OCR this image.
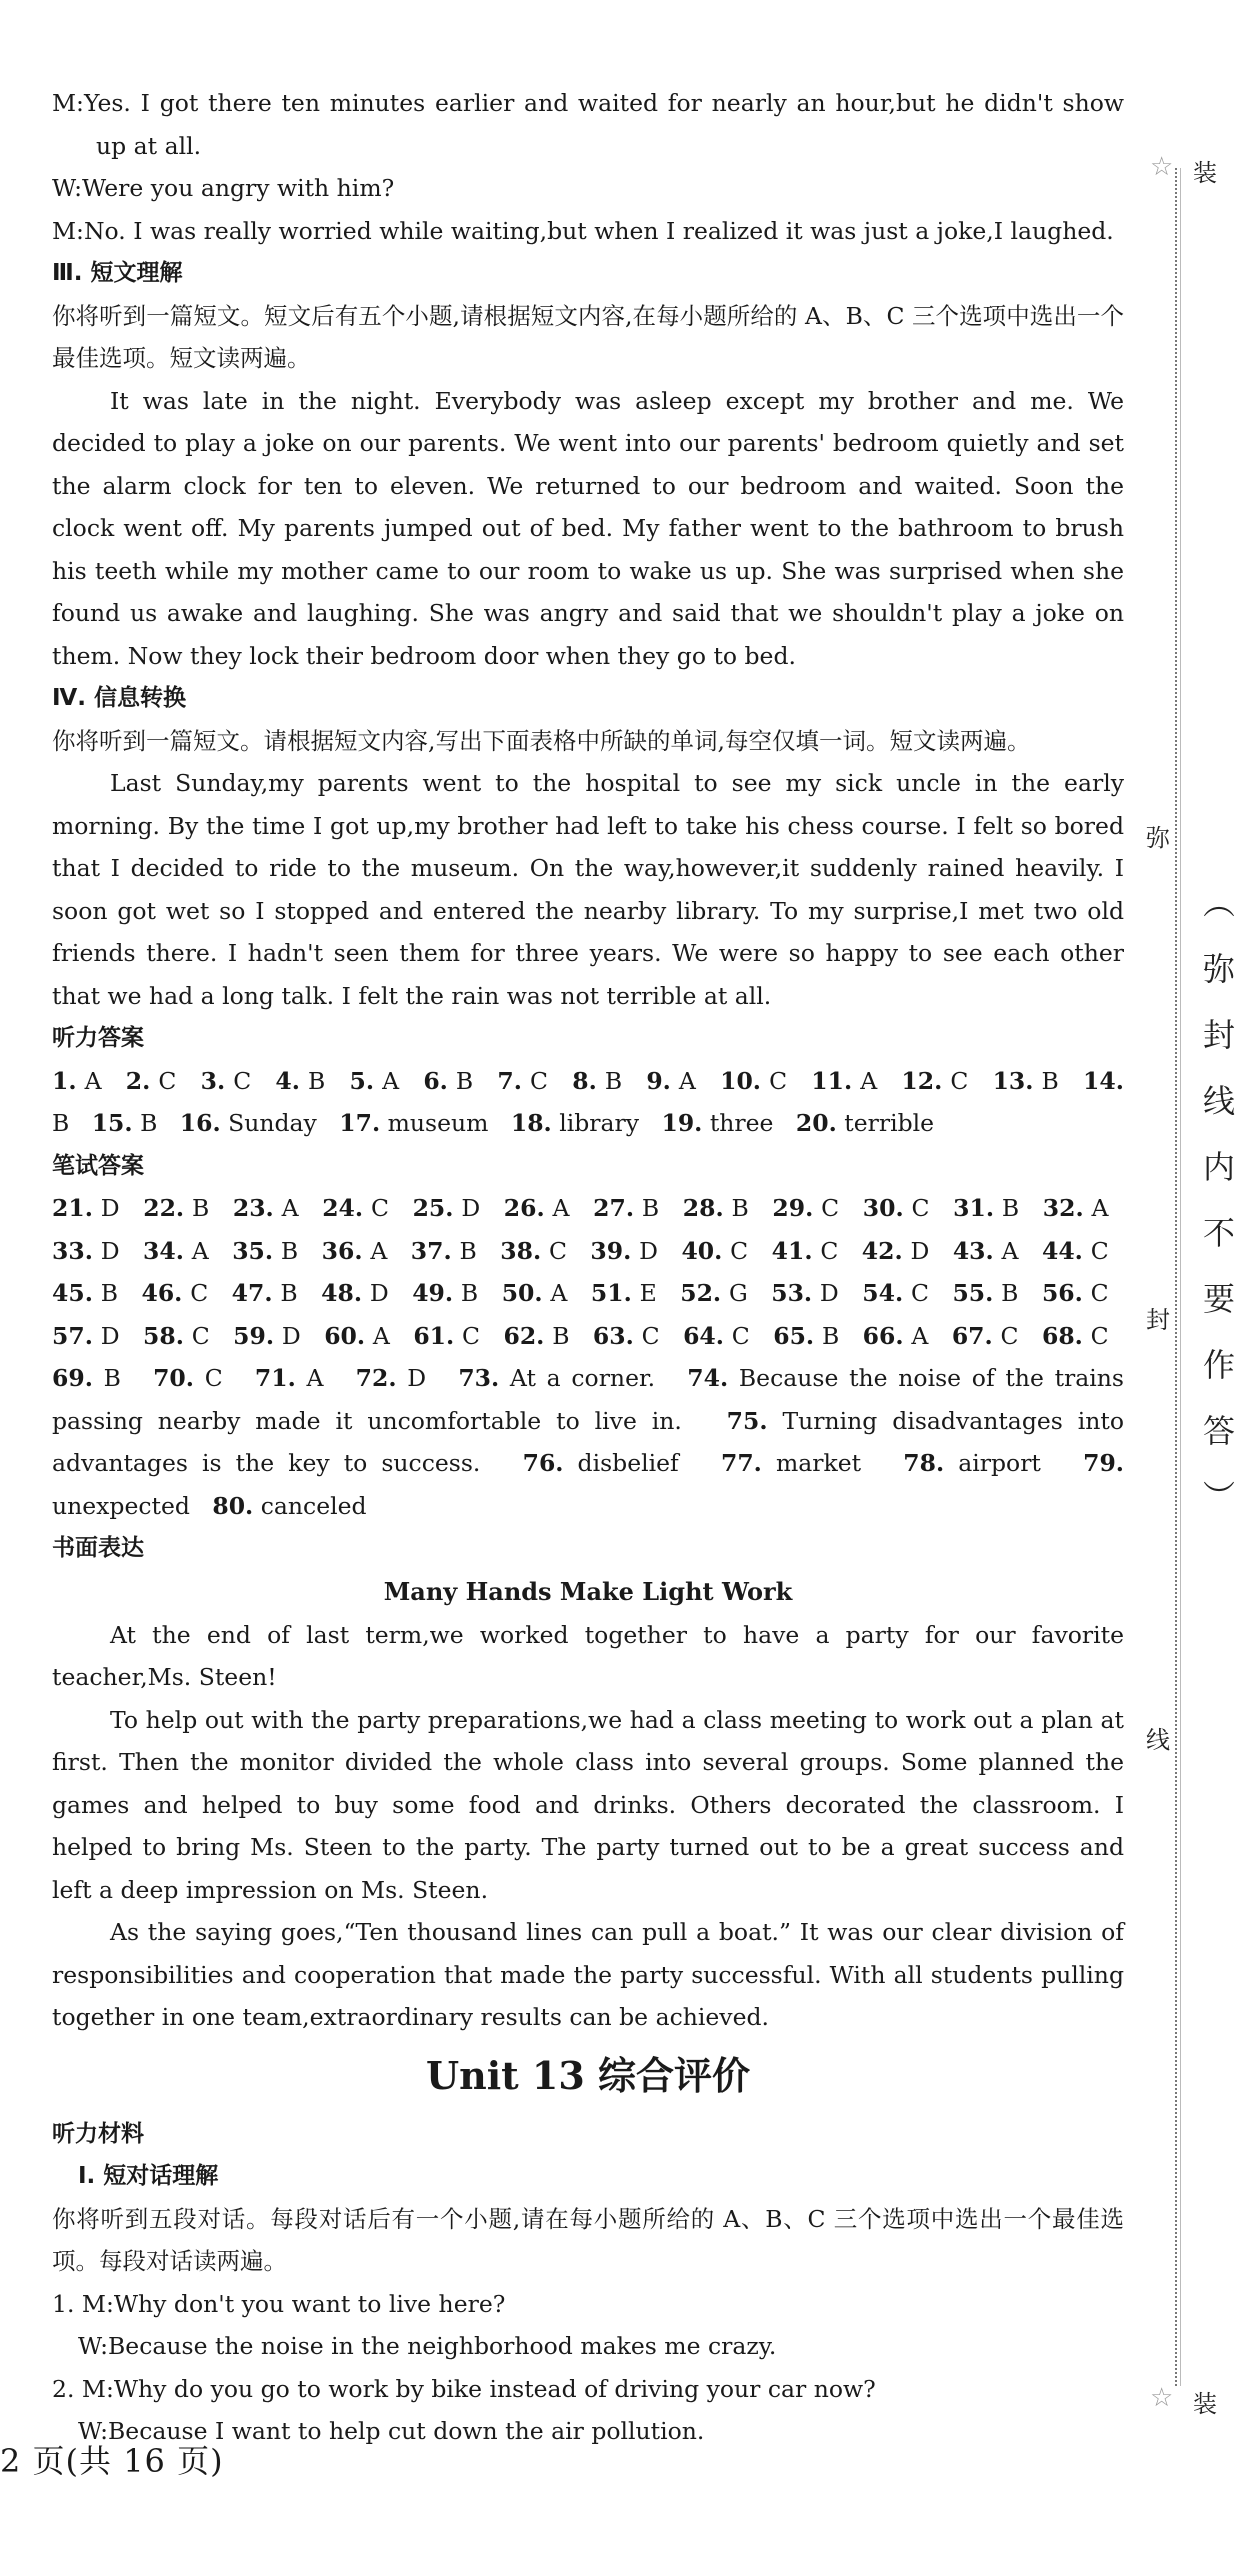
M:Yes. I got there ten minutes earlier and waited for nearly an hour,but he didn't show up at all.

W:Were you angry with him?

M:No. I was really worried while waiting,but when I realized it was just a joke,I laughed.

Ⅲ. 短文理解

你将听到一篇短文。短文后有五个小题,请根据短文内容,在每小题所给的 A、B、C 三个选项中选出一个最佳选项。短文读两遍。

It was late in the night. Everybody was asleep except my brother and me. We decided to play a joke on our parents. We went into our parents' bedroom quietly and set the alarm clock for ten to eleven. We returned to our bedroom and waited. Soon the clock went off. My parents jumped out of bed. My father went to the bathroom to brush his teeth while my mother came to our room to wake us up. She was surprised when she found us awake and laughing. She was angry and said that we shouldn't play a joke on them. Now they lock their bedroom door when they go to bed.

Ⅳ. 信息转换

你将听到一篇短文。请根据短文内容,写出下面表格中所缺的单词,每空仅填一词。短文读两遍。

Last Sunday,my parents went to the hospital to see my sick uncle in the early morning. By the time I got up,my brother had left to take his chess course. I felt so bored that I decided to ride to the museum. On the way,however,it suddenly rained heavily. I soon got wet so I stopped and entered the nearby library. To my surprise,I met two old friends there. I hadn't seen them for three years. We were so happy to see each other that we had a long talk. I felt the rain was not terrible at all.

听力答案

1. A 2. C 3. C 4. B 5. A 6. B 7. C 8. B 9. A 10. C 11. A 12. C 13. B 14. B 15. B 16. Sunday 17. museum 18. library 19. three 20. terrible

笔试答案

21. D 22. B 23. A 24. C 25. D 26. A 27. B 28. B 29. C 30. C 31. B 32. A   33. D 34. A 35. B 36. A 37. B 38. C 39. D 40. C 41. C 42. D 43. A 44. C   45. B 46. C 47. B 48. D 49. B 50. A 51. E 52. G 53. D 54. C 55. B 56. C   57. D 58. C 59. D 60. A 61. C 62. B 63. C 64. C 65. B 66. A 67. C 68. C   69. B 70. C 71. A 72. D 73. At a corner. 74. Because the noise of the trains passing nearby made it uncomfortable to live in. 75. Turning disadvantages into advantages is the key to success. 76. disbelief 77. market 78. airport 79. unexpected 80. canceled

书面表达

Many Hands Make Light Work

At the end of last term,we worked together to have a party for our favorite teacher,Ms. Steen!

To help out with the party preparations,we had a class meeting to work out a plan at first. Then the monitor divided the whole class into several groups. Some planned the games and helped to buy some food and drinks. Others decorated the classroom. I helped to bring Ms. Steen to the party. The party turned out to be a great success and left a deep impression on Ms. Steen.

As the saying goes,“Ten thousand lines can pull a boat.” It was our clear division of responsibilities and cooperation that made the party successful. With all students pulling together in one team,extraordinary results can be achieved.

Unit 13 综合评价

听力材料

Ⅰ. 短对话理解

你将听到五段对话。每段对话后有一个小题,请在每小题所给的 A、B、C 三个选项中选出一个最佳选项。每段对话读两遍。

1. M:Why don't you want to live here?

W:Because the noise in the neighborhood makes me crazy.

2. M:Why do you go to work by bike instead of driving your car now?

W:Because I want to help cut down the air pollution.

2 页(共 16 页)
☆ 装
弥
封
线
☆ 装
︵
弥
封
线
内
不
要
作
答
︶
